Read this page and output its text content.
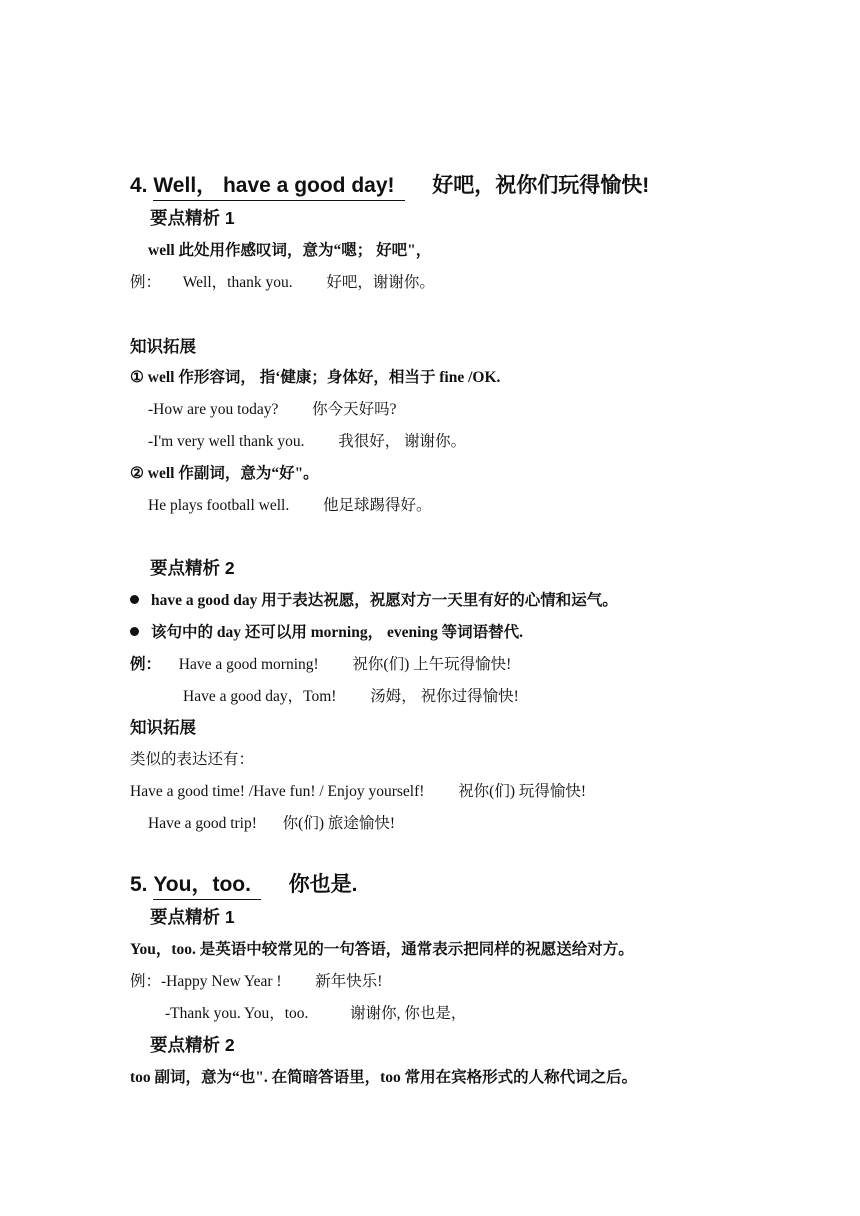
4. Well， have a good day! 好吧，祝你们玩得愉快!
要点精析 1
well 此处用作感叹词，意为“嗯； 好吧"，
例： Well，thank you. 好吧，谢谢你。
知识拓展
① well 作形容词， 指‘健康；身体好，相当于 fine /OK.
-How are you today? 你今天好吗?
-I'm very well thank you. 我很好， 谢谢你。
② well 作副词，意为“好"。
He plays football well. 他足球踢得好。
要点精析 2
have a good day 用于表达祝愿，祝愿对方一天里有好的心情和运气。
该句中的 day 还可以用 morning， evening 等词语替代.
例： Have a good morning! 祝你(们) 上午玩得愉快!
Have a good day，Tom! 汤姆， 祝你过得愉快!
知识拓展
类似的表达还有：
Have a good time! /Have fun! / Enjoy yourself! 祝你(们) 玩得愉快!
Have a good trip! 你(们) 旅途愉快!
5. You，too. 你也是.
要点精析 1
You，too. 是英语中较常见的一句答语，通常表示把同样的祝愿送给对方。
例：-Happy New Year ! 新年快乐!
-Thank you. You，too.	谢谢你, 你也是，
要点精析 2
too 副词，意为“也". 在简暗答语里，too 常用在宾格形式的人称代词之后。
